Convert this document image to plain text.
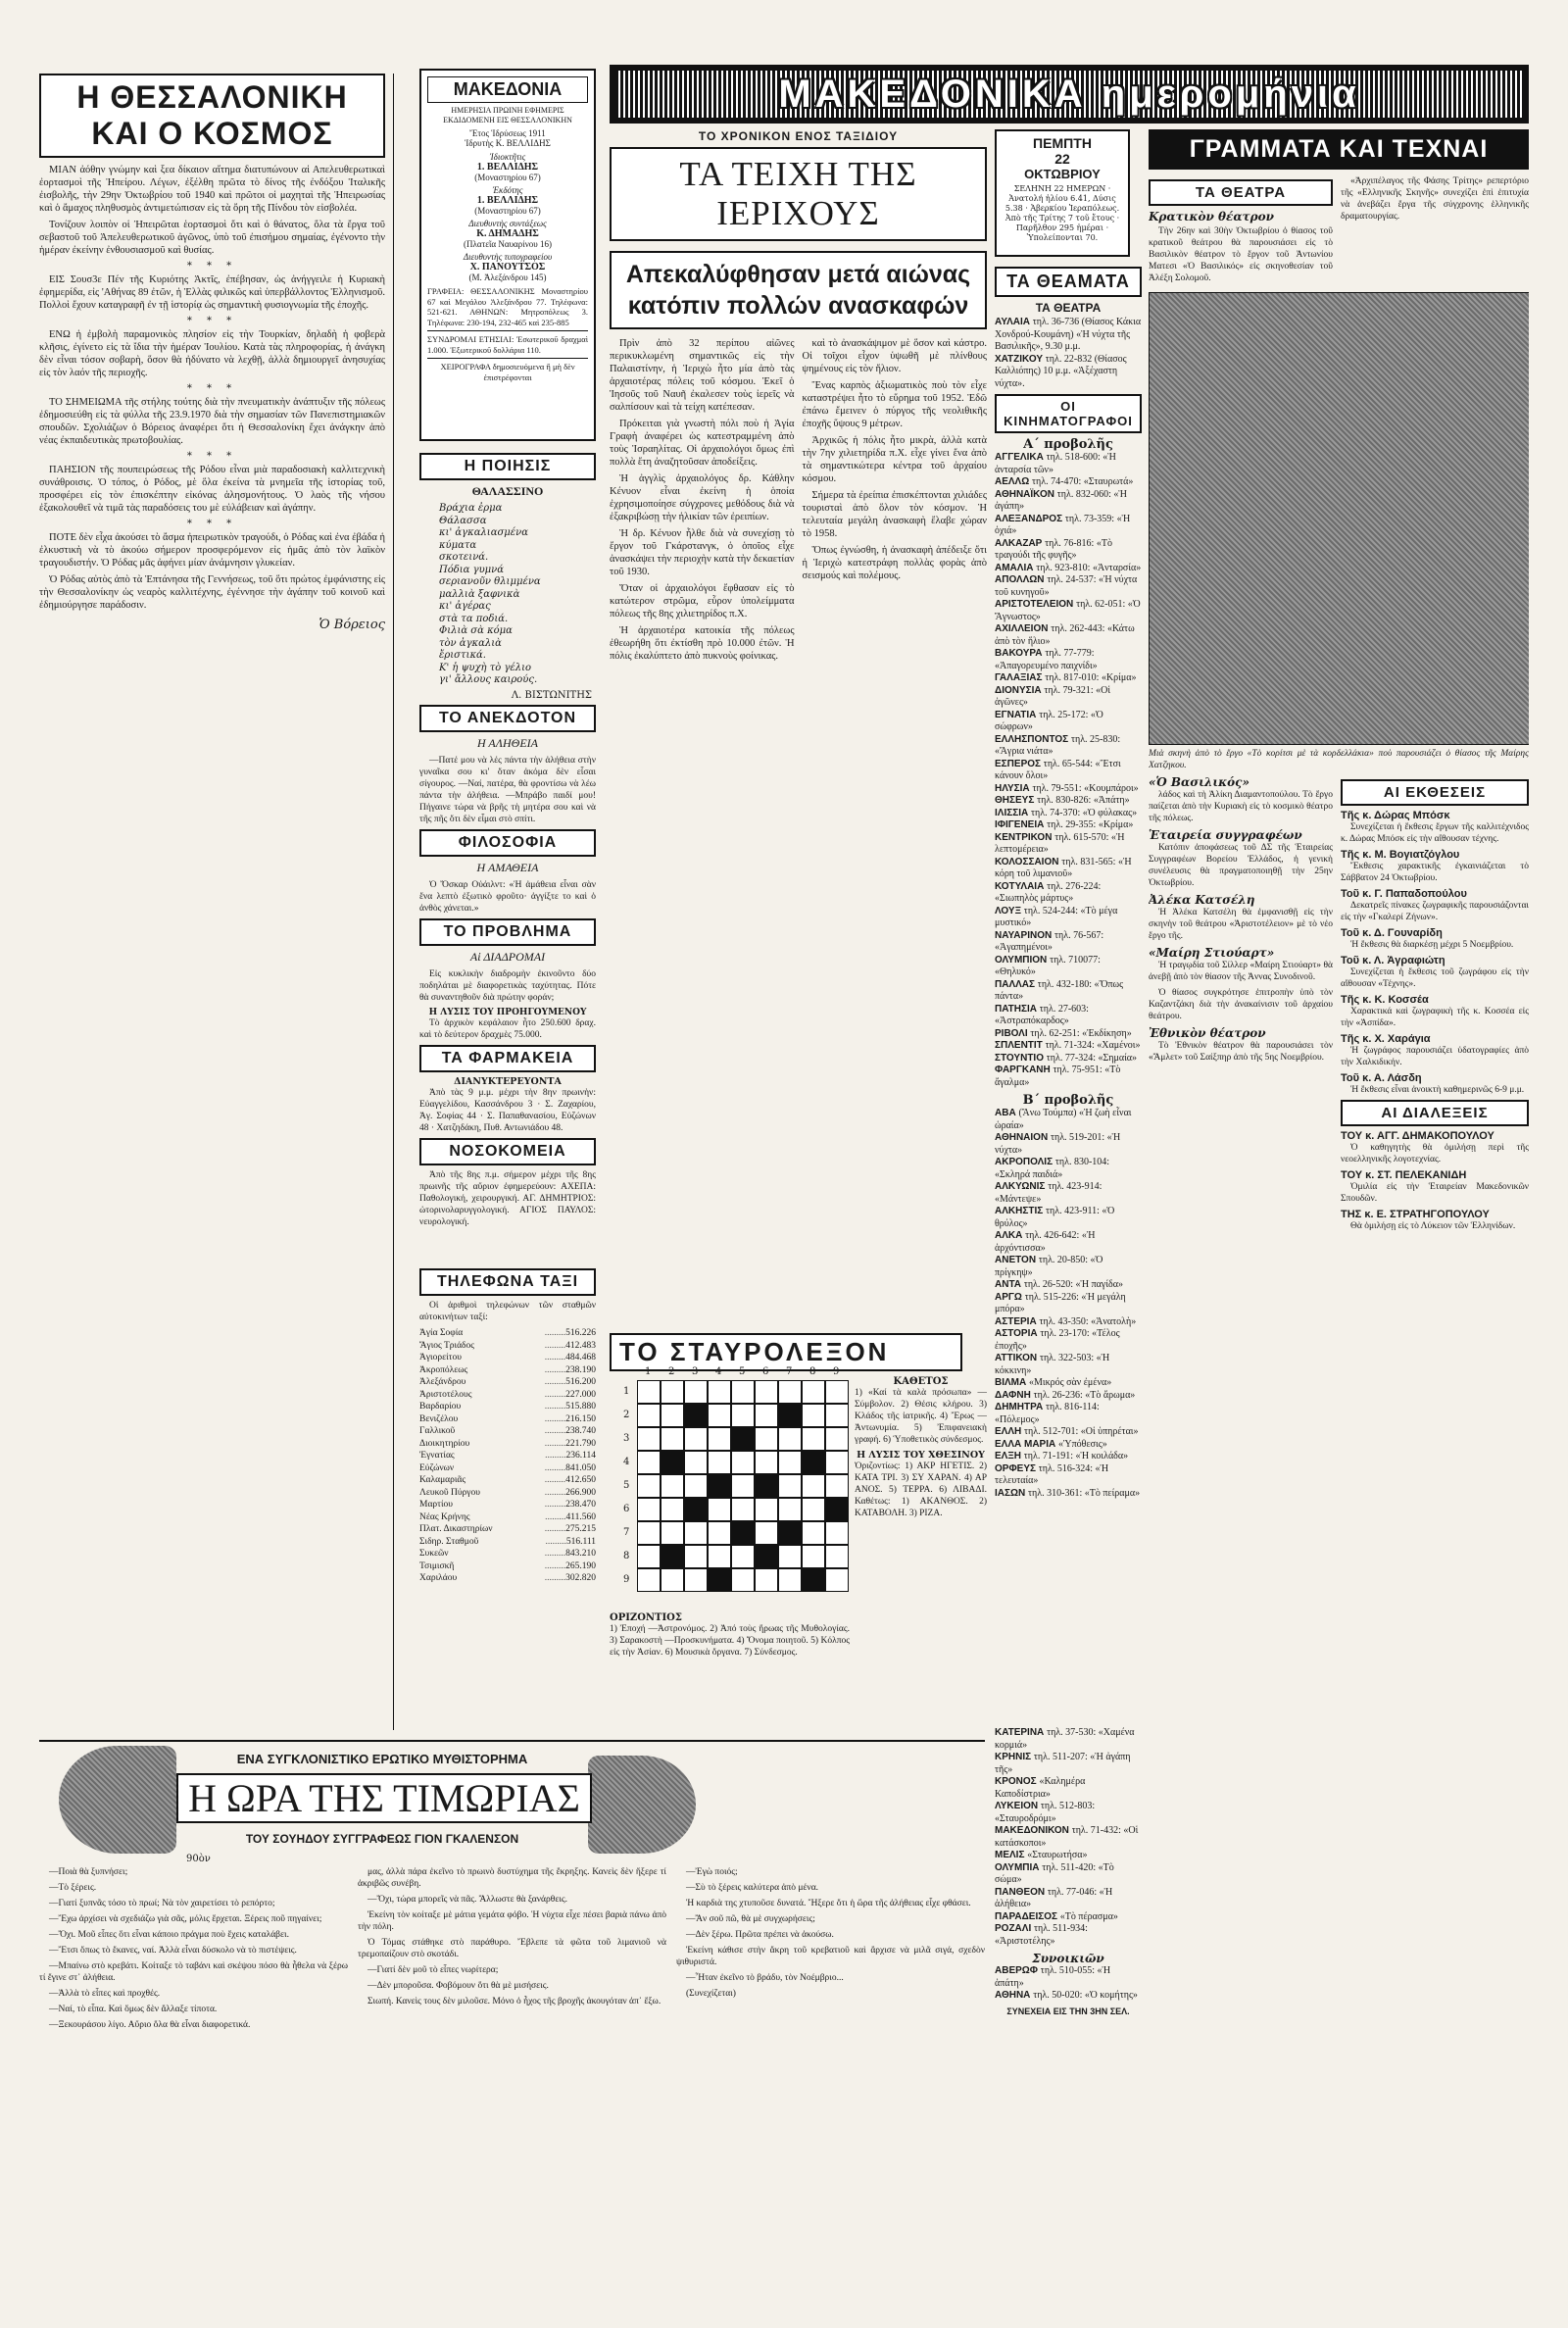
Η ΘΕΣΣΑΛΟΝΙΚΗ
ΚΑΙ Ο ΚΟΣΜΟΣ

ΜΙΑΝ ἀόθην γνώμην καὶ ξεα δίκαιον αἴτημα διατυπώνουν αἱ Απελευθερωτικαὶ ἐορτασμοὶ τῆς Ἠπείρου. Λέγων, ἐξέλθη πρῶτα τὸ δίνος τῆς ἐνδόξου Ἰταλικῆς ἐισβολῆς, τὴν 29ην Ὀκτωβρίου τοῦ 1940 καὶ πρῶτοι οἱ μαχηταὶ τῆς Ἠπειρωσίας καὶ ὁ ἄμαχος πληθυσμὸς ἀντιμετώπισαν εἰς τὰ ὄρη τῆς Πίνδου τὸν εἰσβολέα.

Τονίζουν λοιπὸν οἱ Ἠπειρῶται ἑορτασμοὶ ὅτι καὶ ὁ θάνατος, ὅλα τὰ ἔργα τοῦ σεβαστοῦ τοῦ Ἀπελευθερωτικοῦ ἀγῶνος, ὑπὸ τοῦ ἐπισήμου σημαίας, ἐγένοντο τὴν ἡμέραν ἐκείνην ἐνθουσιασμοῦ καὶ θυσίας.

* * *

ΕΙΣ Σουσ3ε Πέν τῆς Κυριότης Ἀκτῖς, ἐπέβησαν, ὡς ἀνήγγειλε ἡ Κυριακὴ ἐφημερίδα, εἰς 'Αθήνας 89 ἐτῶν, ἡ Ἑλλὰς φιλικῶς καὶ ὑπερβάλλοντος Ἑλληνισμοῦ. Πολλοὶ ἔχουν καταγραφῆ ἐν τῇ ἱστορίᾳ ὡς σημαντικὴ φυσιογνωμία τῆς ἐποχῆς.

* * *

ΕΝΩ ἡ ἐμβολὴ παραμονικὸς πλησίον εἰς τὴν Τουρκίαν, δηλαδὴ ἡ φοβερὰ κλῆσις, ἐγίνετο εἰς τὰ ἴδια τὴν ἡμέραν Ἰουλίου. Κατὰ τὰς πληροφορίας, ἡ ἀνάγκη δὲν εἶναι τόσον σοβαρὴ, ὅσον θὰ ἠδύνατο νὰ λεχθῇ, ἀλλὰ δημιουργεῖ ἀνησυχίας εἰς τὸν λαόν τῆς περιοχῆς.

* * *

ΤΟ ΣΗΜΕΙΩΜΑ τῆς στήλης τούτης διὰ τὴν πνευματικὴν ἀνάπτυξιν τῆς πόλεως ἐδημοσιεύθη εἰς τὰ φύλλα τῆς 23.9.1970 διὰ τὴν σημασίαν τῶν Πανεπιστημιακῶν σπουδῶν. Σχολιάζων ὁ Βόρειος ἀναφέρει ὅτι ἡ Θεσσαλονίκη ἔχει ἀνάγκην ἀπὸ νέας ἐκπαιδευτικὰς πρωτοβουλίας.

* * *

ΠΑΗΣΙΟΝ τῆς πουπειρώσεως τῆς Ρόδου εἶναι μιὰ παραδοσιακὴ καλλιτεχνικὴ συνάθροισις. Ὁ τόπος, ὁ Ρόδος, μὲ ὅλα ἐκείνα τὰ μνημεῖα τῆς ἱστορίας τοῦ, προσφέρει εἰς τὸν ἐπισκέπτην εἰκόνας ἀλησμονήτους. Ὁ λαὸς τῆς νήσου ἐξακολουθεῖ νὰ τιμᾶ τὰς παραδόσεις του μὲ εὐλάβειαν καὶ ἀγάπην.

* * *

ΠΟΤΕ δὲν εἶχα ἀκούσει τὸ ἄσμα ἠπειρωτικὸν τραγούδι, ὁ Ρόδας καὶ ἐνα ἐβάδα ἡ ἐλκυστικὴ νὰ τὸ ἀκούω σήμερον προσφερόμενον εἰς ἡμᾶς ἀπὸ τὸν λαϊκὸν τραγουδιστήν. Ὁ Ρόδας μᾶς ἀφήνει μίαν ἀνάμνησιν γλυκείαν.

Ὁ Ρόδας αὐτὸς ἀπὸ τὰ Ἐπτάνησα τῆς Γεννήσεως, τοῦ ὅτι πρώτος ἐμφάνιστης εἰς τὴν Θεσσαλονίκην ὡς νεαρὸς καλλιτέχνης, ἐγέννησε τὴν ἀγάπην τοῦ κοινοῦ καὶ ἐδημιούργησε παράδοσιν.

Ὁ Βόρειος
ΜΑΚΕΔΟΝΙΑ
ΗΜΕΡΗΣΙΑ ΠΡΩΙΝΗ ΕΦΗΜΕΡΙΣ ΕΚΔΙΔΟΜΕΝΗ ΕΙΣ ΘΕΣΣΑΛΟΝΙΚΗΝ
Ἔτος Ἱδρύσεως 1911
Ἱδρυτὴς Κ. ΒΕΛΛΙΔΗΣ
Ἰδιοκτῆτις
1. ΒΕΛΛΙΔΗΣ
(Μοναστηρίου 67)
Ἐκδότης
1. ΒΕΛΛΙΔΗΣ
(Μοναστηρίου 67)
Διευθυντὴς συντάξεως
Κ. ΔΗΜΑΔΗΣ
(Πλατεῖα Ναυαρίνου 16)
Διευθυντὴς τυπογραφείου
Χ. ΠΑΝΟΥΤΣΟΣ
(Μ. Ἀλεξάνδρου 145)
ΓΡΑΦΕΙΑ: ΘΕΣΣΑΛΟΝΙΚΗΣ Μοναστηρίου 67 καὶ Μεγάλου Ἀλεξάνδρου 77. Τηλέφωνα: 521-621. ΑΘΗΝΩΝ: Μητροπόλεως 3. Τηλέφωνα: 230-194, 232-465 καὶ 235-885
ΣΥΝΔΡΟΜΑΙ ΕΤΗΣΙΑΙ: Ἐσωτερικοῦ δραχμαὶ 1.000. Ἐξωτερικοῦ δολλάρια 110.
ΧΕΙΡΟΓΡΑΦΑ δημοσιευόμενα ἢ μὴ δὲν ἐπιστρέφονται
Η ΠΟΙΗΣΙΣ
ΘΑΛΑΣΣΙΝΟ
Βράχια ἐρμα
Θάλασσα
κι' ἀγκαλιασμένα
κύματα
σκοτεινά.
Πόδια γυμνά
σεριανοῦν θλιμμένα
μαλλιὰ ξαφνικὰ
κι' ἀγέρας
στὰ τα ποδιά.
Φιλιὰ σὰ κόμα
τὸν ἀγκαλιὰ
ἔριστικά.
Κ' ἡ ψυχὴ τὸ γέλιο
γι' ἄλλους καιρούς.
Λ. ΒΙΣΤΩΝΙΤΗΣ
ΤΟ ΑΝΕΚΔΟΤΟΝ
Η ΑΛΗΘΕΙΑ

—Πατέ μου νὰ λές πάντα τὴν ἀλήθεια στὴν γυναῖκα σου κι' ὅταν ἀκόμα δὲν εἶσαι σίγουρος. —Ναί, πατέρα, θὰ φροντίσω νὰ λέω πάντα τὴν ἀλήθεια. —Μπράβο παιδί μου! Πήγαινε τώρα νὰ βρῆς τὴ μητέρα σου καὶ νὰ τῆς πῆς ὅτι δὲν εἶμαι στὸ σπίτι.

ΦΙΛΟΣΟΦΙΑ
Η ΑΜΑΘΕΙΑ

Ὁ Ὄσκαρ Οὐάιλντ: «Ἡ ἀμάθεια εἶναι σὰν ἕνα λεπτὸ ἐξωτικὸ φροῦτο· ἀγγίξτε το καὶ ὁ ἀνθὸς χάνεται.»

ΤΟ ΠΡΟΒΛΗΜΑ
Αἱ ΔΙΑΔΡΟΜΑΙ

Εἰς κυκλικὴν διαδρομὴν ἐκινοῦντο δύο ποδηλάται μὲ διαφορετικὰς ταχύτητας. Πότε θὰ συναντηθοῦν διὰ πρώτην φοράν;

Η ΛΥΣΙΣ ΤΟΥ ΠΡΟΗΓΟΥΜΕΝΟΥ

Τὸ ἀρχικὸν κεφάλαιον ἦτο 250.600 δραχ. καὶ τὸ δεύτερον δραχμὲς 75.000.

ΤΑ ΦΑΡΜΑΚΕΙΑ
ΔΙΑΝΥΚΤΕΡΕΥΟΝΤΑ

Ἀπὸ τὰς 9 μ.μ. μέχρι τὴν 8ην πρωινὴν: Εὐαγγελίδου, Κασσάνδρου 3 · Σ. Ζαχαρίου, Ἀγ. Σοφίας 44 · Σ. Παπαθανασίου, Εὐζώνων 48 · Χατζηδάκη, Πυθ. Αντωνιάδου 48.

ΝΟΣΟΚΟΜΕΙΑ

Ἀπὸ τῆς 8ης π.μ. σήμερον μέχρι τῆς 8ης πρωινῆς τῆς αὔριον ἐφημερεύουν: ΑΧΕΠΑ: Παθολογική, χειρουργική. ΑΓ. ΔΗΜΗΤΡΙΟΣ: ὠτορινολαρυγγολογική. ΑΓΙΟΣ ΠΑΥΛΟΣ: νευρολογική.

ΤΗΛΕΦΩΝΑ ΤΑΞΙ

Οἱ ἀριθμοὶ τηλεφώνων τῶν σταθμῶν αὐτοκινήτων ταξί:

Ἀγία Σοφία	......... 516.226
Ἅγιος Τριάδος	......... 412.483
Ἁγιορείτου	......... 484.468
Ἀκροπόλεως	......... 238.190
Ἀλεξάνδρου	......... 516.200
Ἀριστοτέλους	......... 227.000
Βαρδαρίου	......... 515.880
Βενιζέλου	......... 216.150
Γαλλικοῦ	......... 238.740
Διοικητηρίου	......... 221.790
Ἐγνατίας	......... 236.114
Εὐζώνων	......... 841.050
Καλαμαριᾶς	......... 412.650
Λευκοῦ Πύργου	......... 266.900
Μαρτίου	......... 238.470
Νέας Κρήνης	......... 411.560
Πλατ. Δικαστηρίων	......... 275.215
Σιδηρ. Σταθμοῦ	......... 516.111
Συκεῶν	......... 843.210
Τσιμισκῆ	......... 265.190
Χαριλάου	......... 302.820
ΜΑΚΕΔΟΝΙΚΑ ημερομήνια
ΤΟ ΧΡΟΝΙΚΟΝ ΕΝΟΣ ΤΑΞΙΔΙΟΥ
ΤΑ ΤΕΙΧΗ ΤΗΣ ΙΕΡΙΧΟΥΣ
Απεκαλύφθησαν μετά αιώνας κατόπιν πολλών ανασκαφών

Πρὶν ἀπὸ 32 περίπου αἰῶνες περικυκλωμένη σημαντικῶς εἰς τὴν Παλαιστίνην, ἡ Ἱεριχὼ ἦτο μία ἀπὸ τὰς ἀρχαιοτέρας πόλεις τοῦ κόσμου. Ἐκεῖ ὁ Ἰησοῦς τοῦ Ναυῆ ἐκαλεσεν τοὺς ἰερεῖς νὰ σαλπίσουν καὶ τὰ τείχη κατέπεσαν.

Πρόκειται γιὰ γνωστὴ πόλι ποὺ ἡ Ἁγία Γραφὴ ἀναφέρει ὡς κατεστραμμένη ἀπὸ τοὺς Ἰσραηλίτας. Οἱ ἀρχαιολόγοι ὅμως ἐπὶ πολλὰ ἔτη ἀναζητοῦσαν ἀποδείξεις.

Ἡ ἀγγλὶς ἀρχαιολόγος δρ. Κάθλην Κένυον εἶναι ἐκείνη ἡ ὁποία ἐχρησιμοποίησε σύγχρονες μεθόδους διὰ νὰ ἐξακριβώσῃ τὴν ἡλικίαν τῶν ἐρειπίων.

Ἡ δρ. Κένυον ἦλθε διὰ νὰ συνεχίσῃ τὸ ἔργον τοῦ Γκάρστανγκ, ὁ ὁποῖος εἶχε ἀνασκάψει τὴν περιοχὴν κατὰ τὴν δεκαετίαν τοῦ 1930.

Ὅταν οἱ ἀρχαιολόγοι ἔφθασαν εἰς τὸ κατώτερον στρῶμα, εὗρον ὑπολείμματα πόλεως τῆς 8ης χιλιετηρίδος π.Χ.

Ἡ ἀρχαιοτέρα κατοικία τῆς πόλεως ἐθεωρήθη ὅτι ἐκτίσθη πρὸ 10.000 ἐτῶν. Ἡ πόλις ἐκαλύπτετο ἀπὸ πυκνοὺς φοίνικας.

καὶ τὸ ἀνασκάψιμον μὲ ὅσον καὶ κάστρο. Οἱ τοῖχοι εἶχον ὑψωθῆ μὲ πλίνθους ψημένους εἰς τὸν ἥλιον.

Ἔνας καρπὸς ἀξιωματικὸς ποὺ τὸν εἶχε καταστρέψει ἦτο τὸ εὕρημα τοῦ 1952. Ἐδῶ ἐπάνω ἔμεινεν ὁ πύργος τῆς νεολιθικῆς ἐποχῆς ὕψους 9 μέτρων.

Ἀρχικῶς ἡ πόλις ἦτο μικρὰ, ἀλλὰ κατὰ τὴν 7ην χιλιετηρίδα π.Χ. εἶχε γίνει ἕνα ἀπὸ τὰ σημαντικώτερα κέντρα τοῦ ἀρχαίου κόσμου.

Σήμερα τὰ ἐρείπια ἐπισκέπτονται χιλιάδες τουρισταὶ ἀπὸ ὅλον τὸν κόσμον. Ἡ τελευταία μεγάλη ἀνασκαφὴ ἔλαβε χώραν τὸ 1958.

Ὅπως ἐγνώσθη, ἡ ἀνασκαφὴ ἀπέδειξε ὅτι ἡ Ἱεριχὼ κατεστράφη πολλὰς φορὰς ἀπὸ σεισμούς καὶ πολέμους.

ΠΕΜΠΤΗ
22
ΟΚΤΩΒΡΙΟΥ
ΣΕΛΗΝΗ 22 ΗΜΕΡΩΝ · Ἀνατολή ἡλίου 6.41, Δύσις 5.38 · Ἀβερκίου Ἱεραπόλεως. Ἀπὸ τῆς Τρίτης 7 τοῦ ἔτους · Παρῆλθον 295 ἡμέραι · Ὑπολείπονται 70.
ΤΑ ΘΕΑΜΑΤΑ
ΤΑ ΘΕΑΤΡΑ

ΑΥΛΑΙΑ τηλ. 36-736 (Θίασος Κάκια Χονδρού-Κουμάνη) «Ἡ νύχτα τῆς Βασιλικῆς», 9.30 μ.μ.

ΧΑΤΖΙΚΟΥ τηλ. 22-832 (Θίασος Καλλιόπης) 10 μ.μ. «Ἀξέχαστη νύχτα».

ΟΙ ΚΙΝΗΜΑΤΟΓΡΑΦΟΙ
Α΄ προβολῆς

ΑΓΓΕΛΙΚΑ τηλ. 518-600: «Ἡ ἀνταρσία τῶν»

ΑΕΛΛΩ τηλ. 74-470: «Σταυρωτά»

ΑΘΗΝΑΪΚΟΝ τηλ. 832-060: «Ἡ ἀγάπη»

ΑΛΕΞΑΝΔΡΟΣ τηλ. 73-359: «Ἡ ὀχιά»

ΑΛΚΑΖΑΡ τηλ. 76-816: «Τὸ τραγούδι τῆς φυγῆς»

ΑΜΑΛΙΑ τηλ. 923-810: «Ἀνταρσία»

ΑΠΟΛΛΩΝ τηλ. 24-537: «Ἡ νύχτα τοῦ κυνηγοῦ»

ΑΡΙΣΤΟΤΕΛΕΙΟΝ τηλ. 62-051: «Ὁ Ἄγνωστος»

ΑΧΙΛΛΕΙΟΝ τηλ. 262-443: «Κάτω ἀπὸ τὸν ἥλιο»

ΒΑΚΟΥΡΑ τηλ. 77-779: «Ἀπαγορευμένο παιχνίδι»

ΓΑΛΑΞΙΑΣ τηλ. 817-010: «Κρίμα»

ΔΙΟΝΥΣΙΑ τηλ. 79-321: «Οἱ ἀγῶνες»

ΕΓΝΑΤΙΑ τηλ. 25-172: «Ὁ σώφρων»

ΕΛΛΗΣΠΟΝΤΟΣ τηλ. 25-830: «Ἄγρια νιάτα»

ΕΣΠΕΡΟΣ τηλ. 65-544: «Ἔτσι κάνουν ὅλοι»

ΗΛΥΣΙΑ τηλ. 79-551: «Κουμπάροι»

ΘΗΣΕΥΣ τηλ. 830-826: «Ἀπάτη»

ΙΛΙΣΣΙΑ τηλ. 74-370: «Ὁ φύλακας»

ΙΦΙΓΕΝΕΙΑ τηλ. 29-355: «Κρίμα»

ΚΕΝΤΡΙΚΟΝ τηλ. 615-570: «Ἡ λεπτομέρεια»

ΚΟΛΟΣΣΑΙΟΝ τηλ. 831-565: «Ἡ κόρη τοῦ λιμανιοῦ»

ΚΟΤΥΛΑΙΑ τηλ. 276-224: «Σιωπηλὸς μάρτυς»

ΛΟΥΞ τηλ. 524-244: «Τὸ μέγα μυστικό»

ΝΑΥΑΡΙΝΟΝ τηλ. 76-567: «Ἀγαπημένοι»

ΟΛΥΜΠΙΟΝ τηλ. 710077: «Θηλυκό»

ΠΑΛΛΑΣ τηλ. 432-180: «Ὅπως πάντα»

ΠΑΤΗΣΙΑ τηλ. 27-603: «Ἀστραπόκαρδος»

ΡΙΒΟΛΙ τηλ. 62-251: «Ἐκδίκηση»

ΣΠΛΕΝΤΙΤ τηλ. 71-324: «Χαμένοι»

ΣΤΟΥΝΤΙΟ τηλ. 77-324: «Σημαία»

ΦΑΡΓΚΑΝΗ τηλ. 75-951: «Τὸ ἄγαλμα»

Β΄ προβολῆς

ΑΒΑ (Ἄνω Τούμπα) «Ἡ ζωὴ εἶναι ὡραία»

ΑΘΗΝΑΙΟΝ τηλ. 519-201: «Ἡ νύχτα»

ΑΚΡΟΠΟΛΙΣ τηλ. 830-104: «Σκληρά παιδιά»

ΑΛΚΥΩΝΙΣ τηλ. 423-914: «Μάντεψε»

ΑΛΚΗΣΤΙΣ τηλ. 423-911: «Ὁ θρύλος»

ΑΛΚΑ τηλ. 426-642: «Ἡ ἀρχόντισσα»

ΑΝΕΤΟΝ τηλ. 20-850: «Ὁ πρίγκηψ»

ΑΝΤΑ τηλ. 26-520: «Ἡ παγίδα»

ΑΡΓΩ τηλ. 515-226: «Ἡ μεγάλη μπόρα»

ΑΣΤΕΡΙΑ τηλ. 43-350: «Ἀνατολὴ»

ΑΣΤΟΡΙΑ τηλ. 23-170: «Τέλος ἐποχῆς»

ΑΤΤΙΚΟΝ τηλ. 322-503: «Ἡ κόκκινη»

ΒΙΛΜΑ «Μικρός σὰν ἐμένα»

ΔΑΦΝΗ τηλ. 26-236: «Τὸ ἄρωμα»

ΔΗΜΗΤΡΑ τηλ. 816-114: «Πόλεμος»

ΕΛΛΗ τηλ. 512-701: «Οἱ ὑπηρέται»

ΕΛΛΑ ΜΑΡΙΑ «Ὑπόθεσις»

ΕΛΞΗ τηλ. 71-191: «Ἡ κοιλάδα»

ΟΡΦΕΥΣ τηλ. 516-324: «Ἡ τελευταία»

ΙΑΣΩΝ τηλ. 310-361: «Τὸ πείραμα»

ΚΑΤΕΡΙΝΑ τηλ. 37-530: «Χαμένα κορμιά»

ΚΡΗΝΙΣ τηλ. 511-207: «Ἡ ἀγάπη τῆς»

ΚΡΟΝΟΣ «Καλημέρα Καποδίστρια»

ΛΥΚΕΙΟΝ τηλ. 512-803: «Σταυροδρόμι»

ΜΑΚΕΔΟΝΙΚΟΝ τηλ. 71-432: «Οἱ κατάσκοποι»

ΜΕΛΙΣ «Σταυρωτήσα»

ΟΛΥΜΠΙΑ τηλ. 511-420: «Τὸ σώμα»

ΠΑΝΘΕΟΝ τηλ. 77-046: «Ἡ ἀλήθεια»

ΠΑΡΑΔΕΙΣΟΣ «Τὸ πέρασμα»

ΡΟΖΑΛΙ τηλ. 511-934: «Ἀριστοτέλης»

Συνοικιῶν

ΑΒΕΡΩΦ τηλ. 510-055: «Ἡ ἀπάτη»

ΑΘΗΝΑ τηλ. 50-020: «Ὁ κομήτης»

ΣΥΝΕΧΕΙΑ ΕΙΣ ΤΗΝ 3ΗΝ ΣΕΛ.
ΤΟ ΣΤΑΥΡΟΛΕΞΟΝ
1
1
2
2
3
3
4
4
5
5
6
6
7
7
8
8
9
9
ΚΑΘΕΤΟΣ

1) «Καί τὰ καλὰ πρόσωπα» —Σύμβολον. 2) Θέσις κλήρου. 3) Κλάδος τῆς ἰατρικῆς. 4) Ἔρως —Ἀντωνυμία. 5) Ἐπιφανειακὴ γραφή. 6) Ὑποθετικὸς σύνδεσμος.

Η ΛΥΣΙΣ ΤΟΥ ΧΘΕΣΙΝΟΥ

Ὁριζοντίως: 1) ΑΚΡ ΗΓΕΤΙΣ. 2) ΚΑΤΑ ΤΡΙ. 3) ΣΥ ΧΑΡΑΝ. 4) ΑΡ ΑΝΟΣ. 5) ΤΕΡΡΑ. 6) ΛΙΒΑΔΙ. Καθέτως: 1) ΑΚΑΝΘΟΣ. 2) ΚΑΤΑΒΟΛΗ. 3) ΡΙΖΑ.

ΟΡΙΖΟΝΤΙΟΣ

1) Ἐποχή —Ἀστρονόμος. 2) Ἀπό τοὺς ἥρωας τῆς Μυθολογίας. 3) Σαρακοστὴ —Προσκυνήματα. 4) Ὄνομα ποιητοῦ. 5) Κόλπος εἰς τὴν Ἀσίαν. 6) Μουσικὰ ὄργανα. 7) Σύνδεσμος.

ΓΡΑΜΜΑΤΑ ΚΑΙ ΤΕΧΝΑΙ
ΤΑ ΘΕΑΤΡΑ
Κρατικὸν θέατρον

Τὴν 26ην καὶ 30ὴν Ὀκτωβρίου ὁ θίασος τοῦ κρατικοῦ θεάτρου θὰ παρουσιάσει εἰς τὸ Βασιλικὸν θέατρον τὸ ἔργον τοῦ Ἀντωνίου Ματεσι «Ὁ Βασιλικός» εἰς σκηνοθεσίαν τοῦ Ἀλέξη Σολομοῦ.

«Ἀρχιπέλαγος τῆς Φάσης Τρίτης» ρεπερτόριο τῆς «Ελληνικῆς Σκηνῆς» συνεχίζει ἐπὶ ἐπιτυχία νὰ ἀνεβάζει ἔργα τῆς σύγχρονης ἑλληνικῆς δραματουργίας.

Μιὰ σκηνὴ ἀπὸ τὸ ἔργο «Τὸ κορίτσι μὲ τὰ κορδελλάκια» ποὺ παρουσιάζει ὁ θίασος τῆς Μαίρης Χατζηκου.

«Ὁ Βασιλικός»

λάδος καὶ τὴ Ἀλίκη Διαμαντοπούλου. Τὸ ἔργο παίζεται ἀπὸ τὴν Κυριακὴ εἰς τὸ κοσμικὸ θέατρο τῆς πόλεως.

Ἑταιρεία συγγραφέων

Κατόπιν ἀποφάσεως τοῦ ΔΣ τῆς Ἑταιρείας Συγγραφέων Βορείου Ἑλλάδος, ἡ γενικὴ συνέλευσις θὰ πραγματοποιηθῇ τὴν 25ην Ὀκτωβρίου.

Ἀλέκα Κατσέλη

Ἡ Ἀλέκα Κατσέλη θὰ ἐμφανισθῇ εἰς τὴν σκηνὴν τοῦ θεάτρου «Ἀριστοτέλειον» μὲ τὸ νέο ἔργο τῆς.

«Μαίρη Στιούαρτ»

Ἡ τραγῳδία τοῦ Σίλλερ «Μαίρη Στιούαρτ» θὰ ἀνεβῇ ἀπὸ τὸν θίασον τῆς Ἀννας Συνοδινοῦ.

Ὁ θίασος συγκρότησε ἐπιτροπὴν ὑπὸ τὸν Καζαντζάκη διὰ τὴν ἀνακαίνισιν τοῦ ἀρχαίου θεάτρου.

Ἐθνικὸν θέατρον

Τὸ Ἐθνικὸν θέατρον θὰ παρουσιάσει τὸν «Ἄμλετ» τοῦ Σαίξπηρ ἀπὸ τῆς 5ης Νοεμβρίου.

ΑΙ ΕΚΘΕΣΕΙΣ
Τῆς κ. Δώρας Μπόσκ

Συνεχίζεται ἡ ἔκθεσις ἔργων τῆς καλλιτέχνιδος κ. Δώρας Μπόσκ εἰς τὴν αἴθουσαν τέχνης.

Τῆς κ. Μ. Βογιατζόγλου

Ἔκθεσις χαρακτικῆς ἐγκαινιάζεται τὸ Σάββατον 24 Ὀκτωβρίου.

Τοῦ κ. Γ. Παπαδοπούλου

Δεκατρεῖς πίνακες ζωγραφικῆς παρουσιάζονται εἰς τὴν «Γκαλερί Ζήνων».

Τοῦ κ. Δ. Γουναρίδη

Ἡ ἔκθεσις θὰ διαρκέσῃ μέχρι 5 Νοεμβρίου.

Τοῦ κ. Λ. Ἀγραφιώτη

Συνεχίζεται ἡ ἔκθεσις τοῦ ζωγράφου εἰς τὴν αἴθουσαν «Τέχνης».

Τῆς κ. Κ. Κοσσέα

Χαρακτικά καὶ ζωγραφικὴ τῆς κ. Κοσσέα εἰς τὴν «Ἀσπίδα».

Τῆς κ. Χ. Χαράγια

Ἡ ζωγράφος παρουσιάζει ὑδατογραφίες ἀπὸ τὴν Χαλκιδικήν.

Τοῦ κ. Α. Λάσδη

Ἡ ἔκθεσις εἶναι ἀνοικτὴ καθημερινῶς 6-9 μ.μ.

ΑΙ ΔΙΑΛΕΞΕΙΣ
ΤΟΥ κ. ΑΓΓ. ΔΗΜΑΚΟΠΟΥΛΟΥ

Ὁ καθηγητὴς θὰ ὁμιλήσῃ περὶ τῆς νεοελληνικῆς λογοτεχνίας.

ΤΟΥ κ. ΣΤ. ΠΕΛΕΚΑΝΙΔΗ

Ὁμιλία εἰς τὴν Ἑταιρείαν Μακεδονικῶν Σπουδῶν.

ΤΗΣ κ. Ε. ΣΤΡΑΤΗΓΟΠΟΥΛΟΥ

Θὰ ὁμιλήσῃ εἰς τὸ Λύκειον τῶν Ἑλληνίδων.

ΕΝΑ ΣΥΓΚΛΟΝΙΣΤΙΚΟ ΕΡΩΤΙΚΟ ΜΥΘΙΣΤΟΡΗΜΑ
Η ΩΡΑ ΤΗΣ ΤΙΜΩΡΙΑΣ
ΤΟΥ ΣΟΥΗΔΟΥ ΣΥΓΓΡΑΦΕΩΣ ΓΙΟΝ ΓΚΑΛΕΝΣΟΝ
90ὸν

—Ποιὰ θὰ ξυπνήσει;

—Τὸ ξέρεις.

—Γιατί ξυπνᾶς τόσο τὸ πρωί; Νὰ τὸν χαιρετίσει τὸ ρεπόρτο;

—Ἔχω ἀρχίσει νὰ σχεδιάζω γιὰ σᾶς, μόλις ἔρχεται. Ξέρεις ποῦ πηγαίνει;

—Ὄχι. Μοῦ εἶπες ὅτι εἶναι κάποιο πράγμα ποὺ ἔχεις καταλάβει.

—Ἔτσι ὅπως τὸ ἔκανες, ναί. Ἀλλὰ εἶναι δύσκολο νὰ τὸ πιστέψεις.

—Μπαίνω στὸ κρεβάτι. Κοίταξε τὸ ταβάνι καὶ σκέψου πόσο θὰ ἦθελα νὰ ξέρω τί ἔγινε στ᾽ ἀλήθεια.

—Ἀλλὰ τὸ εἶπες καὶ προχθές.

—Ναί, τὸ εἶπα. Καὶ ὅμως δὲν ἄλλαξε τίποτα.

—Ξεκουράσου λίγο. Αὔριο ὅλα θὰ εἶναι διαφορετικά.

μας, ἀλλὰ πάρα ἐκεῖνο τὸ πρωινὸ δυστύχημα τῆς ἔκρηξης. Κανεὶς δὲν ἤξερε τί ἀκριβῶς συνέβη.

—Ὄχι, τώρα μπορεῖς νὰ πᾶς. Ἄλλωστε θὰ ξανάρθεις.

Ἐκείνη τὸν κοίταξε μὲ μάτια γεμάτα φόβο. Ἡ νύχτα εἶχε πέσει βαριὰ πάνω ἀπὸ τὴν πόλη.

Ὁ Τόμας στάθηκε στὸ παράθυρο. Ἔβλεπε τὰ φῶτα τοῦ λιμανιοῦ νὰ τρεμοπαίζουν στὸ σκοτάδι.

—Γιατί δὲν μοῦ τὸ εἶπες νωρίτερα;

—Δὲν μποροῦσα. Φοβόμουν ὅτι θὰ μὲ μισήσεις.

Σιωπή. Κανεὶς τους δὲν μιλοῦσε. Μόνο ὁ ἦχος τῆς βροχῆς ἀκουγόταν ἀπ᾽ ἔξω.

—Ἐγὼ ποιός;

—Σὺ τὸ ξέρεις καλύτερα ἀπὸ μένα.

Ἡ καρδιὰ της χτυποῦσε δυνατά. Ἤξερε ὅτι ἡ ὥρα τῆς ἀλήθειας εἶχε φθάσει.

—Ἂν σοῦ πῶ, θὰ μὲ συγχωρήσεις;

—Δὲν ξέρω. Πρῶτα πρέπει νὰ ἀκούσω.

Ἐκείνη κάθισε στὴν ἄκρη τοῦ κρεβατιοῦ καὶ ἄρχισε νὰ μιλᾶ σιγά, σχεδὸν ψιθυριστά.

—Ἦταν ἐκεῖνο τὸ βράδυ, τὸν Νοέμβριο...

(Συνεχίζεται)
